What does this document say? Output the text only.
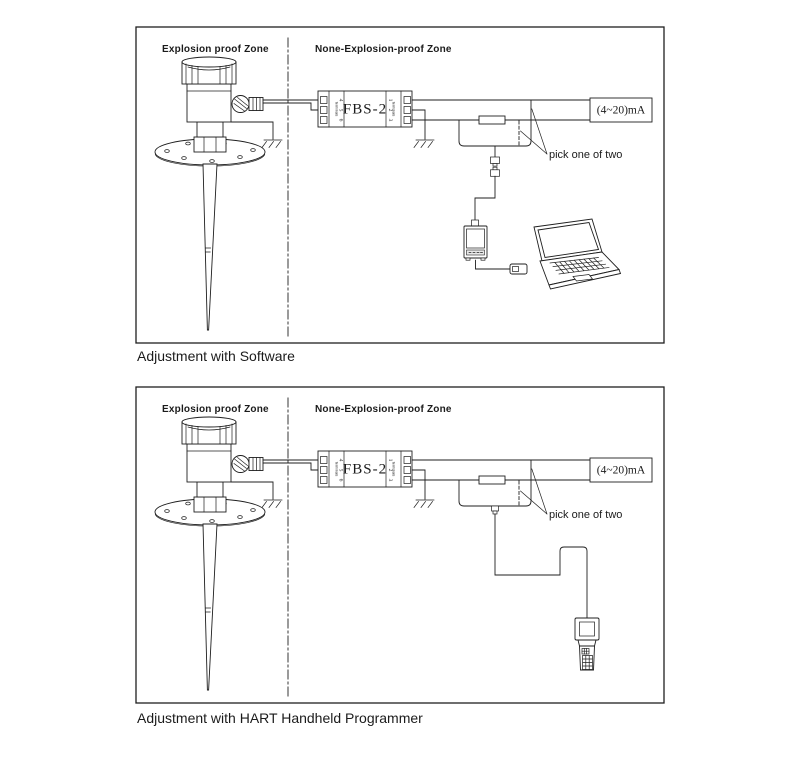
Adjustment with Software
Adjustment with HART Handheld Programmer
